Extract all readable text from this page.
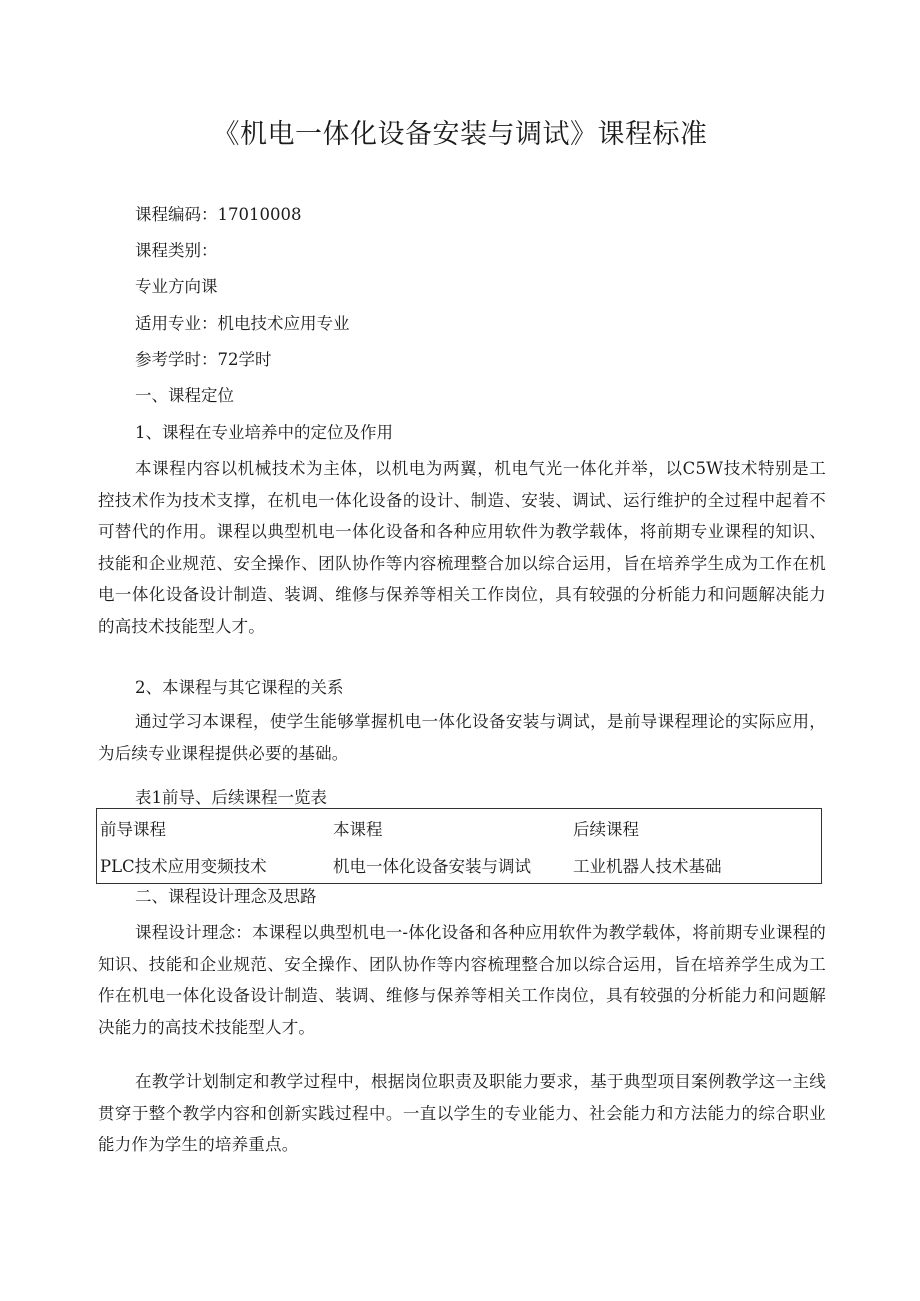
《机电一体化设备安装与调试》课程标准

课程编码：17010008

课程类别：

专业方向课

适用专业：机电技术应用专业

参考学时：72学时

一、课程定位

1、课程在专业培养中的定位及作用

本课程内容以机械技术为主体，以机电为两翼，机电气光一体化并举，以C5W技术特别是工控技术作为技术支撑，在机电一体化设备的设计、制造、安装、调试、运行维护的全过程中起着不可替代的作用。课程以典型机电一体化设备和各种应用软件为教学载体，将前期专业课程的知识、技能和企业规范、安全操作、团队协作等内容梳理整合加以综合运用，旨在培养学生成为工作在机电一体化设备设计制造、装调、维修与保养等相关工作岗位，具有较强的分析能力和问题解决能力的高技术技能型人才。

2、本课程与其它课程的关系

通过学习本课程，使学生能够掌握机电一体化设备安装与调试，是前导课程理论的实际应用，为后续专业课程提供必要的基础。

表1前导、后续课程一览表

前导课程	本课程	后续课程
PLC技术应用变频技术	机电一体化设备安装与调试	工业机器人技术基础

二、课程设计理念及思路

课程设计理念：本课程以典型机电一-体化设备和各种应用软件为教学载体，将前期专业课程的知识、技能和企业规范、安全操作、团队协作等内容梳理整合加以综合运用，旨在培养学生成为工作在机电一体化设备设计制造、装调、维修与保养等相关工作岗位，具有较强的分析能力和问题解决能力的高技术技能型人才。

在教学计划制定和教学过程中，根据岗位职责及职能力要求，基于典型项目案例教学这一主线贯穿于整个教学内容和创新实践过程中。一直以学生的专业能力、社会能力和方法能力的综合职业能力作为学生的培养重点。
